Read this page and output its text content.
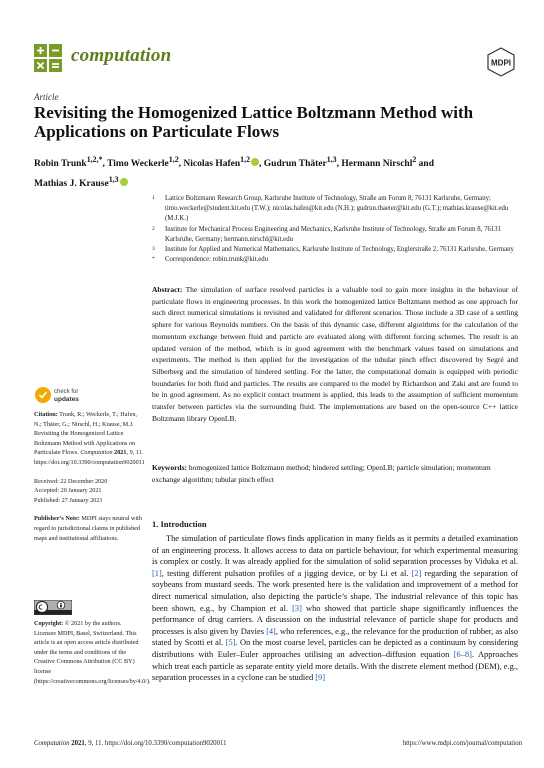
computation	MDPI
Article
Revisiting the Homogenized Lattice Boltzmann Method with Applications on Particulate Flows
Robin Trunk$^{1,2,*}$, Timo Weckerle$^{1,2}$, Nicolas Hafen$^{1,2}$ , Gudrun Thäter$^{1,3}$, Hermann Nirschl$^2$ and
Mathias J. Krause$^{1,3}$
1 Lattice Boltzmann Research Group, Karlsruhe Institute of Technology, Straße am Forum 8, 76131 Karlsruhe, Germany; timo.weckerle@student.kit.edu (T.W.); nicolas.hafen@kit.edu (N.H.); gudrun.thaeter@kit.edu (G.T.); mathias.krause@kit.edu (M.J.K.)
2 Institute for Mechanical Process Engineering and Mechanics, Karlsruhe Institute of Technology, Straße am Forum 8, 76131 Karlsruhe, Germany; hermann.nirschl@kit.edu
3 Institute for Applied and Numerical Mathematics, Karlsruhe Institute of Technology, Englerstraße 2, 76131 Karlsruhe, Germany
* Correspondence: robin.trunk@kit.edu
Abstract: The simulation of surface resolved particles is a valuable tool to gain more insights in the behaviour of particulate flows in engineering processes. In this work the homogenized lattice Boltzmann method as one approach for such direct numerical simulations is revisited and validated for different scenarios. Those include a 3D case of a settling sphere for various Reynolds numbers. On the basis of this dynamic case, different algorithms for the calculation of the momentum exchange between fluid and particle are evaluated along with different forcing schemes. The result is an updated version of the method, which is in good agreement with the benchmark values based on simulations and experiments. The method is then applied for the investigation of the tubular pinch effect discovered by Segré and Silberberg and the simulation of hindered settling. For the latter, the computational domain is equipped with periodic boundaries for both fluid and particles. The results are compared to the model by Richardson and Zaki and are found to be in good agreement. As no explicit contact treatment is applied, this leads to the assumption of sufficient momentum transfer between particles via the surrounding fluid. The implementations are based on the open-source C++ lattice Boltzmann library OpenLB.
Keywords: homogenized lattice Boltzmann method; hindered settling; OpenLB; particle simulation; momentum exchange algorithm; tubular pinch effect
check for
updates

Citation: Trunk, R.; Weckerle, T.; Hafen, N.; Thäter, G.; Nirschl, H.; Krause, M.J. Revisiting the Homogenized Lattice Boltzmann Method with Applications on Particulate Flows. Computation 2021, 9, 11. https://doi.org/10.3390/computation9020011

Received: 22 December 2020
Accepted: 20 January 2021
Published: 27 January 2021

Publisher’s Note: MDPI stays neutral with regard to jurisdictional claims in published maps and institutional affiliations.

Copyright: © 2021 by the authors. Licensee MDPI, Basel, Switzerland. This article is an open access article distributed under the terms and conditions of the Creative Commons Attribution (CC BY) license (https://creativecommons.org/licenses/by/4.0/).
1. Introduction
The simulation of particulate flows finds application in many fields as it permits a detailed examination of an engineering process. It allows access to data on particle behaviour, for which experimental measuring is complex or costly. It was already applied for the simulation of solid separation processes by Viduka et al. [1], testing different pulsation profiles of a jigging device, or by Li et al. [2] regarding the separation of soybeans from mustard seeds. The work presented here is the validation and improvement of a method for direct numerical simulation, also depicting the particle’s shape. The industrial relevance of this topic has been shown, e.g., by Champion et al. [3] who showed that particle shape significantly influences the performance of drug carriers. A discussion on the industrial relevance of particle shape for products and processes is also given by Davies [4], who references, e.g., the relevance for the production of rubber, as also stated by Scotti et al. [5]. On the most coarse level, particles can be depicted as a continuum by considering distributions with Euler–Euler approaches utilising an advection–diffusion equation [6–8]. Approaches which treat each particle as separate entity yield more details. With the discrete element method (DEM), e.g., separation processes in a cyclone can be studied [9]
Computation 2021, 9, 11. https://doi.org/10.3390/computation9020011	https://www.mdpi.com/journal/computation
